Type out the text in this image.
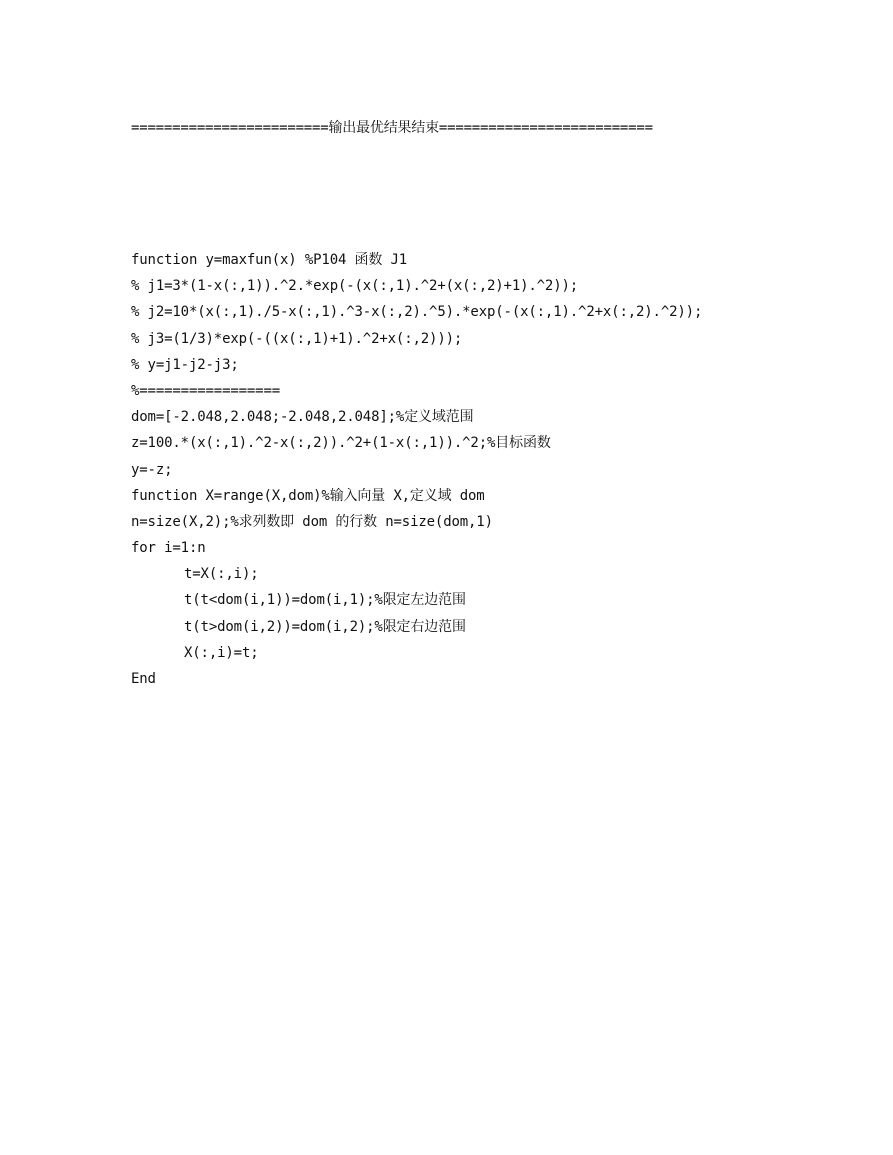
========================输出最优结果结束==========================
function y=maxfun(x) %P104 函数 J1
% j1=3*(1-x(:,1)).^2.*exp(-(x(:,1).^2+(x(:,2)+1).^2));
% j2=10*(x(:,1)./5-x(:,1).^3-x(:,2).^5).*exp(-(x(:,1).^2+x(:,2).^2));
% j3=(1/3)*exp(-((x(:,1)+1).^2+x(:,2)));
% y=j1-j2-j3;
%=================
dom=[-2.048,2.048;-2.048,2.048];%定义域范围
z=100.*(x(:,1).^2-x(:,2)).^2+(1-x(:,1)).^2;%目标函数
y=-z;
function X=range(X,dom)%输入向量 X,定义域 dom
n=size(X,2);%求列数即 dom 的行数 n=size(dom,1)
for i=1:n
t=X(:,i);
t(t<dom(i,1))=dom(i,1);%限定左边范围
t(t>dom(i,2))=dom(i,2);%限定右边范围
X(:,i)=t;
End
